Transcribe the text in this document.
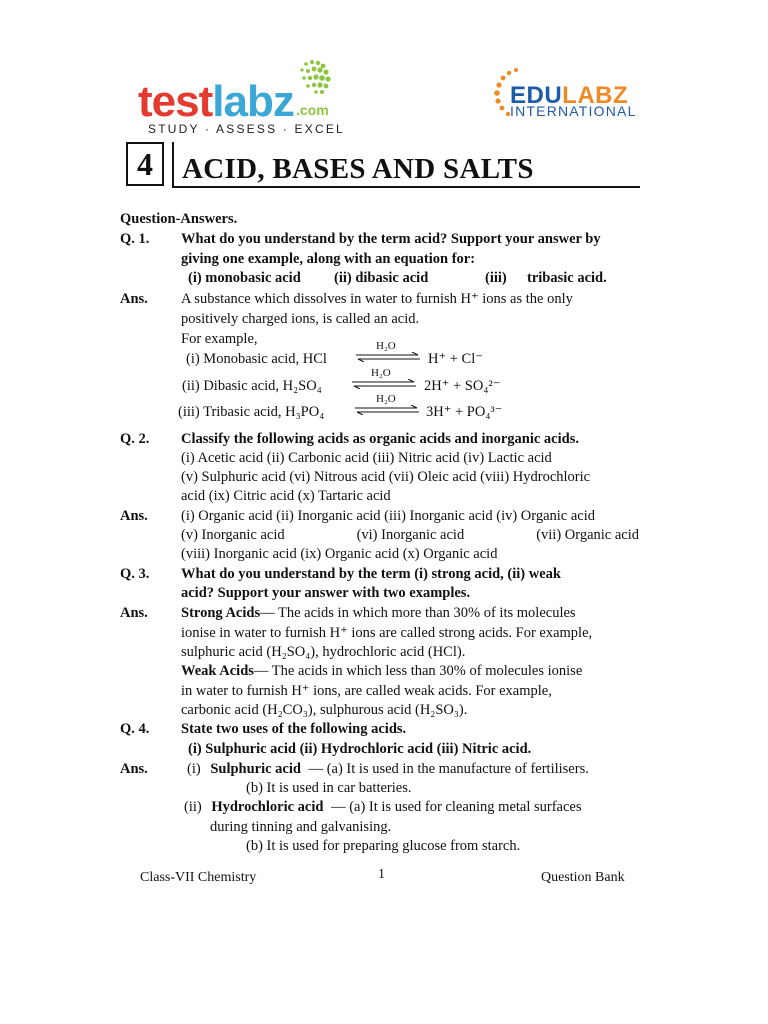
testlabz .com
STUDY · ASSESS · EXCEL
EDULABZ
INTERNATIONAL
4	ACID, BASES AND SALTS
Question-Answers.
Q. 1. What do you understand by the term acid? Support your answer by
giving one example, along with an equation for:
(i) monobasic acid (ii) dibasic acid	(iii) tribasic acid.
Ans. A substance which dissolves in water to furnish H⁺ ions as the only
positively charged ions, is called an acid.
For example,
(i) Monobasic acid, HCl
H₂O
H⁺ + Cl⁻
(ii) Dibasic acid, H₂SO₄
H₂O
2H⁺ + SO₄²⁻
(iii) Tribasic acid, H₃PO₄
H₂O
3H⁺ + PO₄³⁻
Q. 2. Classify the following acids as organic acids and inorganic acids.
(i) Acetic acid (ii) Carbonic acid (iii) Nitric acid (iv) Lactic acid
(v) Sulphuric acid (vi) Nitrous acid (vii) Oleic acid (viii) Hydrochloric
acid (ix) Citric acid (x) Tartaric acid
Ans. (i) Organic acid (ii) Inorganic acid (iii) Inorganic acid (iv) Organic acid
(v) Inorganic acid	(vi) Inorganic acid	(vii) Organic acid
(viii) Inorganic acid (ix) Organic acid (x) Organic acid
Q. 3. What do you understand by the term (i) strong acid, (ii) weak
acid? Support your answer with two examples.
Ans. Strong Acids— The acids in which more than 30% of its molecules
ionise in water to furnish H⁺ ions are called strong acids. For example,
sulphuric acid (H₂SO₄), hydrochloric acid (HCl).
Weak Acids— The acids in which less than 30% of molecules ionise
in water to furnish H⁺ ions, are called weak acids. For example,
carbonic acid (H₂CO₃), sulphurous acid (H₂SO₃).
Q. 4. State two uses of the following acids.
(i) Sulphuric acid (ii) Hydrochloric acid (iii) Nitric acid.
Ans.	(i) Sulphuric acid — (a) It is used in the manufacture of fertilisers.
(b) It is used in car batteries.
(ii) Hydrochloric acid — (a) It is used for cleaning metal surfaces
during tinning and galvanising.
(b) It is used for preparing glucose from starch.
Class-VII Chemistry	1	Question Bank
